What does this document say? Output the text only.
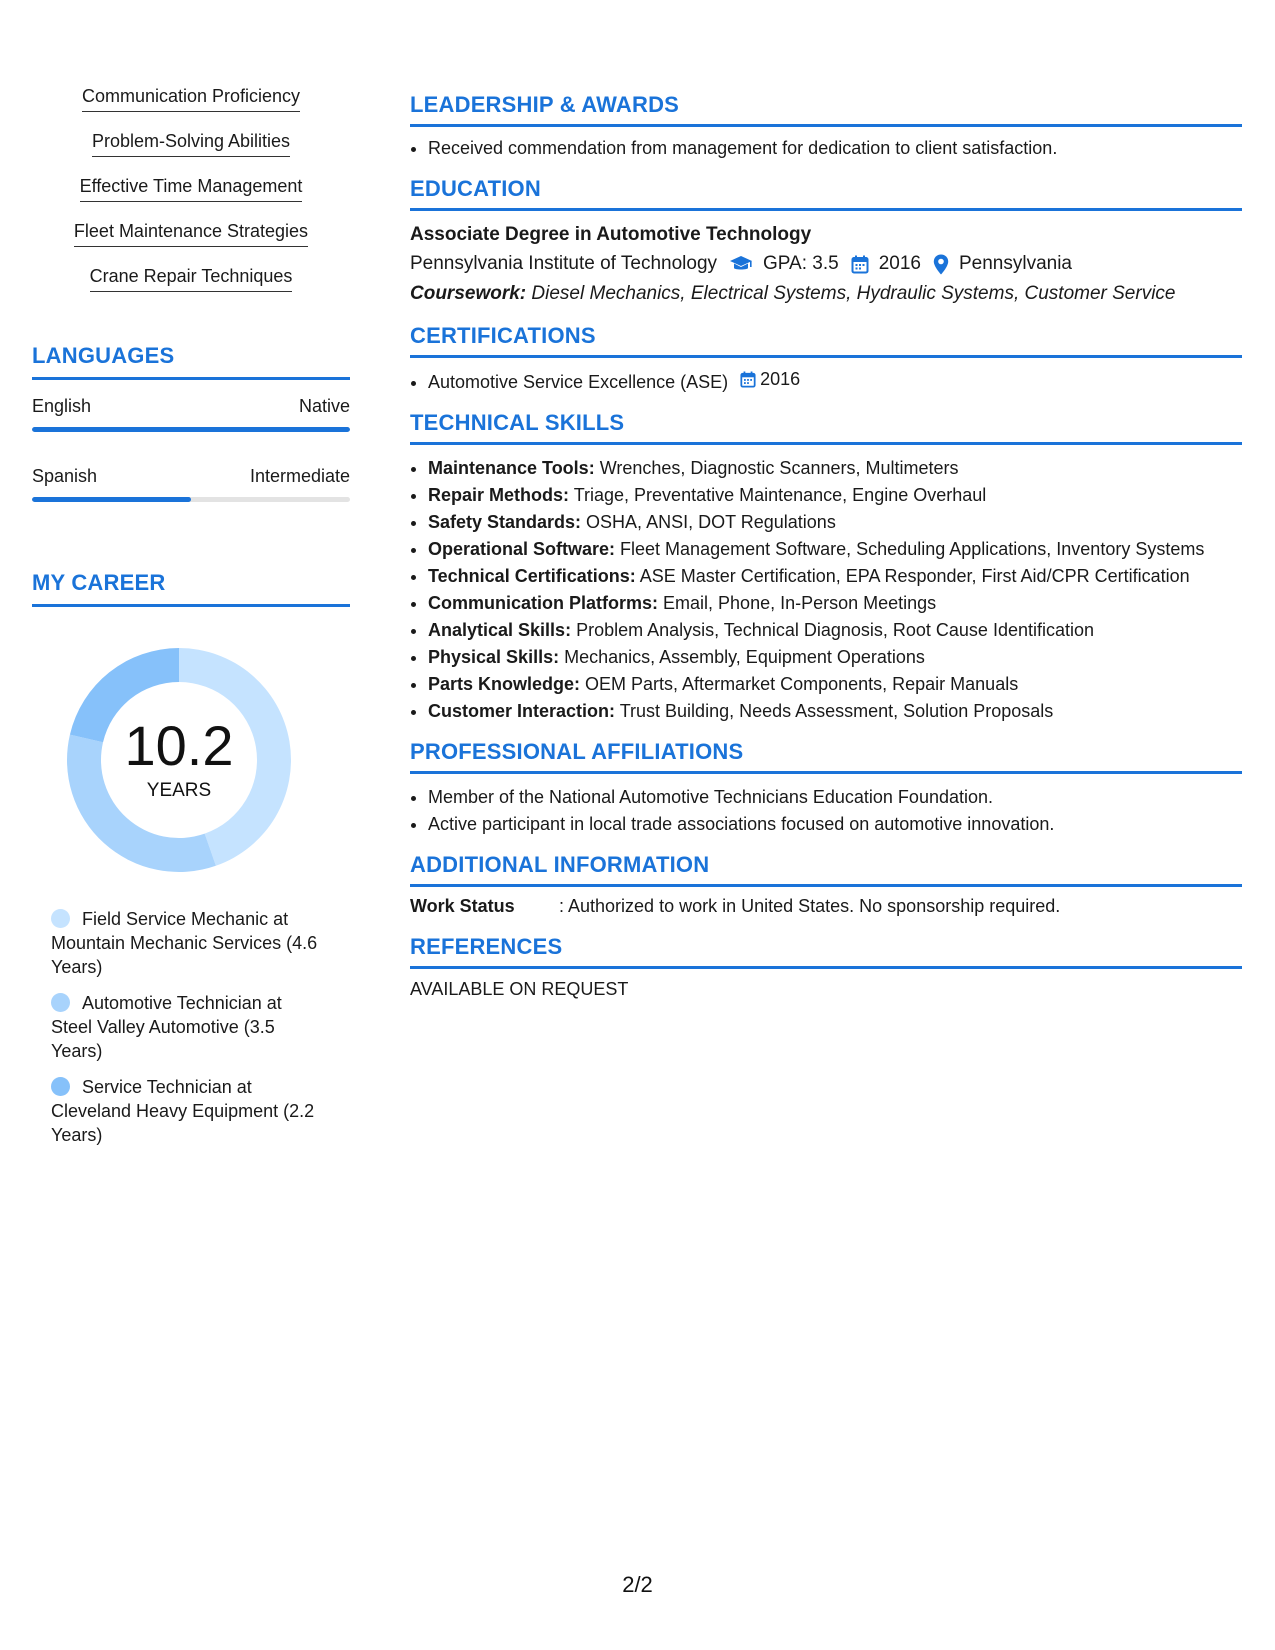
Communication Proficiency
Problem-Solving Abilities
Effective Time Management
Fleet Maintenance Strategies
Crane Repair Techniques
LANGUAGES
English	Native
Spanish	Intermediate
MY CAREER
10.2
YEARS
Field Service Mechanic at Mountain Mechanic Services (4.6 Years)
Automotive Technician at Steel Valley Automotive (3.5 Years)
Service Technician at Cleveland Heavy Equipment (2.2 Years)
LEADERSHIP & AWARDS
• Received commendation from management for dedication to client satisfaction.
EDUCATION
Associate Degree in Automotive Technology
Pennsylvania Institute of Technology GPA: 3.5 2016 Pennsylvania
Coursework: Diesel Mechanics, Electrical Systems, Hydraulic Systems, Customer Service
CERTIFICATIONS
• Automotive Service Excellence (ASE) 2016
TECHNICAL SKILLS
• Maintenance Tools: Wrenches, Diagnostic Scanners, Multimeters
• Repair Methods: Triage, Preventative Maintenance, Engine Overhaul
• Safety Standards: OSHA, ANSI, DOT Regulations
• Operational Software: Fleet Management Software, Scheduling Applications, Inventory Systems
• Technical Certifications: ASE Master Certification, EPA Responder, First Aid/CPR Certification
• Communication Platforms: Email, Phone, In-Person Meetings
• Analytical Skills: Problem Analysis, Technical Diagnosis, Root Cause Identification
• Physical Skills: Mechanics, Assembly, Equipment Operations
• Parts Knowledge: OEM Parts, Aftermarket Components, Repair Manuals
• Customer Interaction: Trust Building, Needs Assessment, Solution Proposals
PROFESSIONAL AFFILIATIONS
• Member of the National Automotive Technicians Education Foundation.
• Active participant in local trade associations focused on automotive innovation.
ADDITIONAL INFORMATION
Work Status	: Authorized to work in United States. No sponsorship required.
REFERENCES
AVAILABLE ON REQUEST
2/2
